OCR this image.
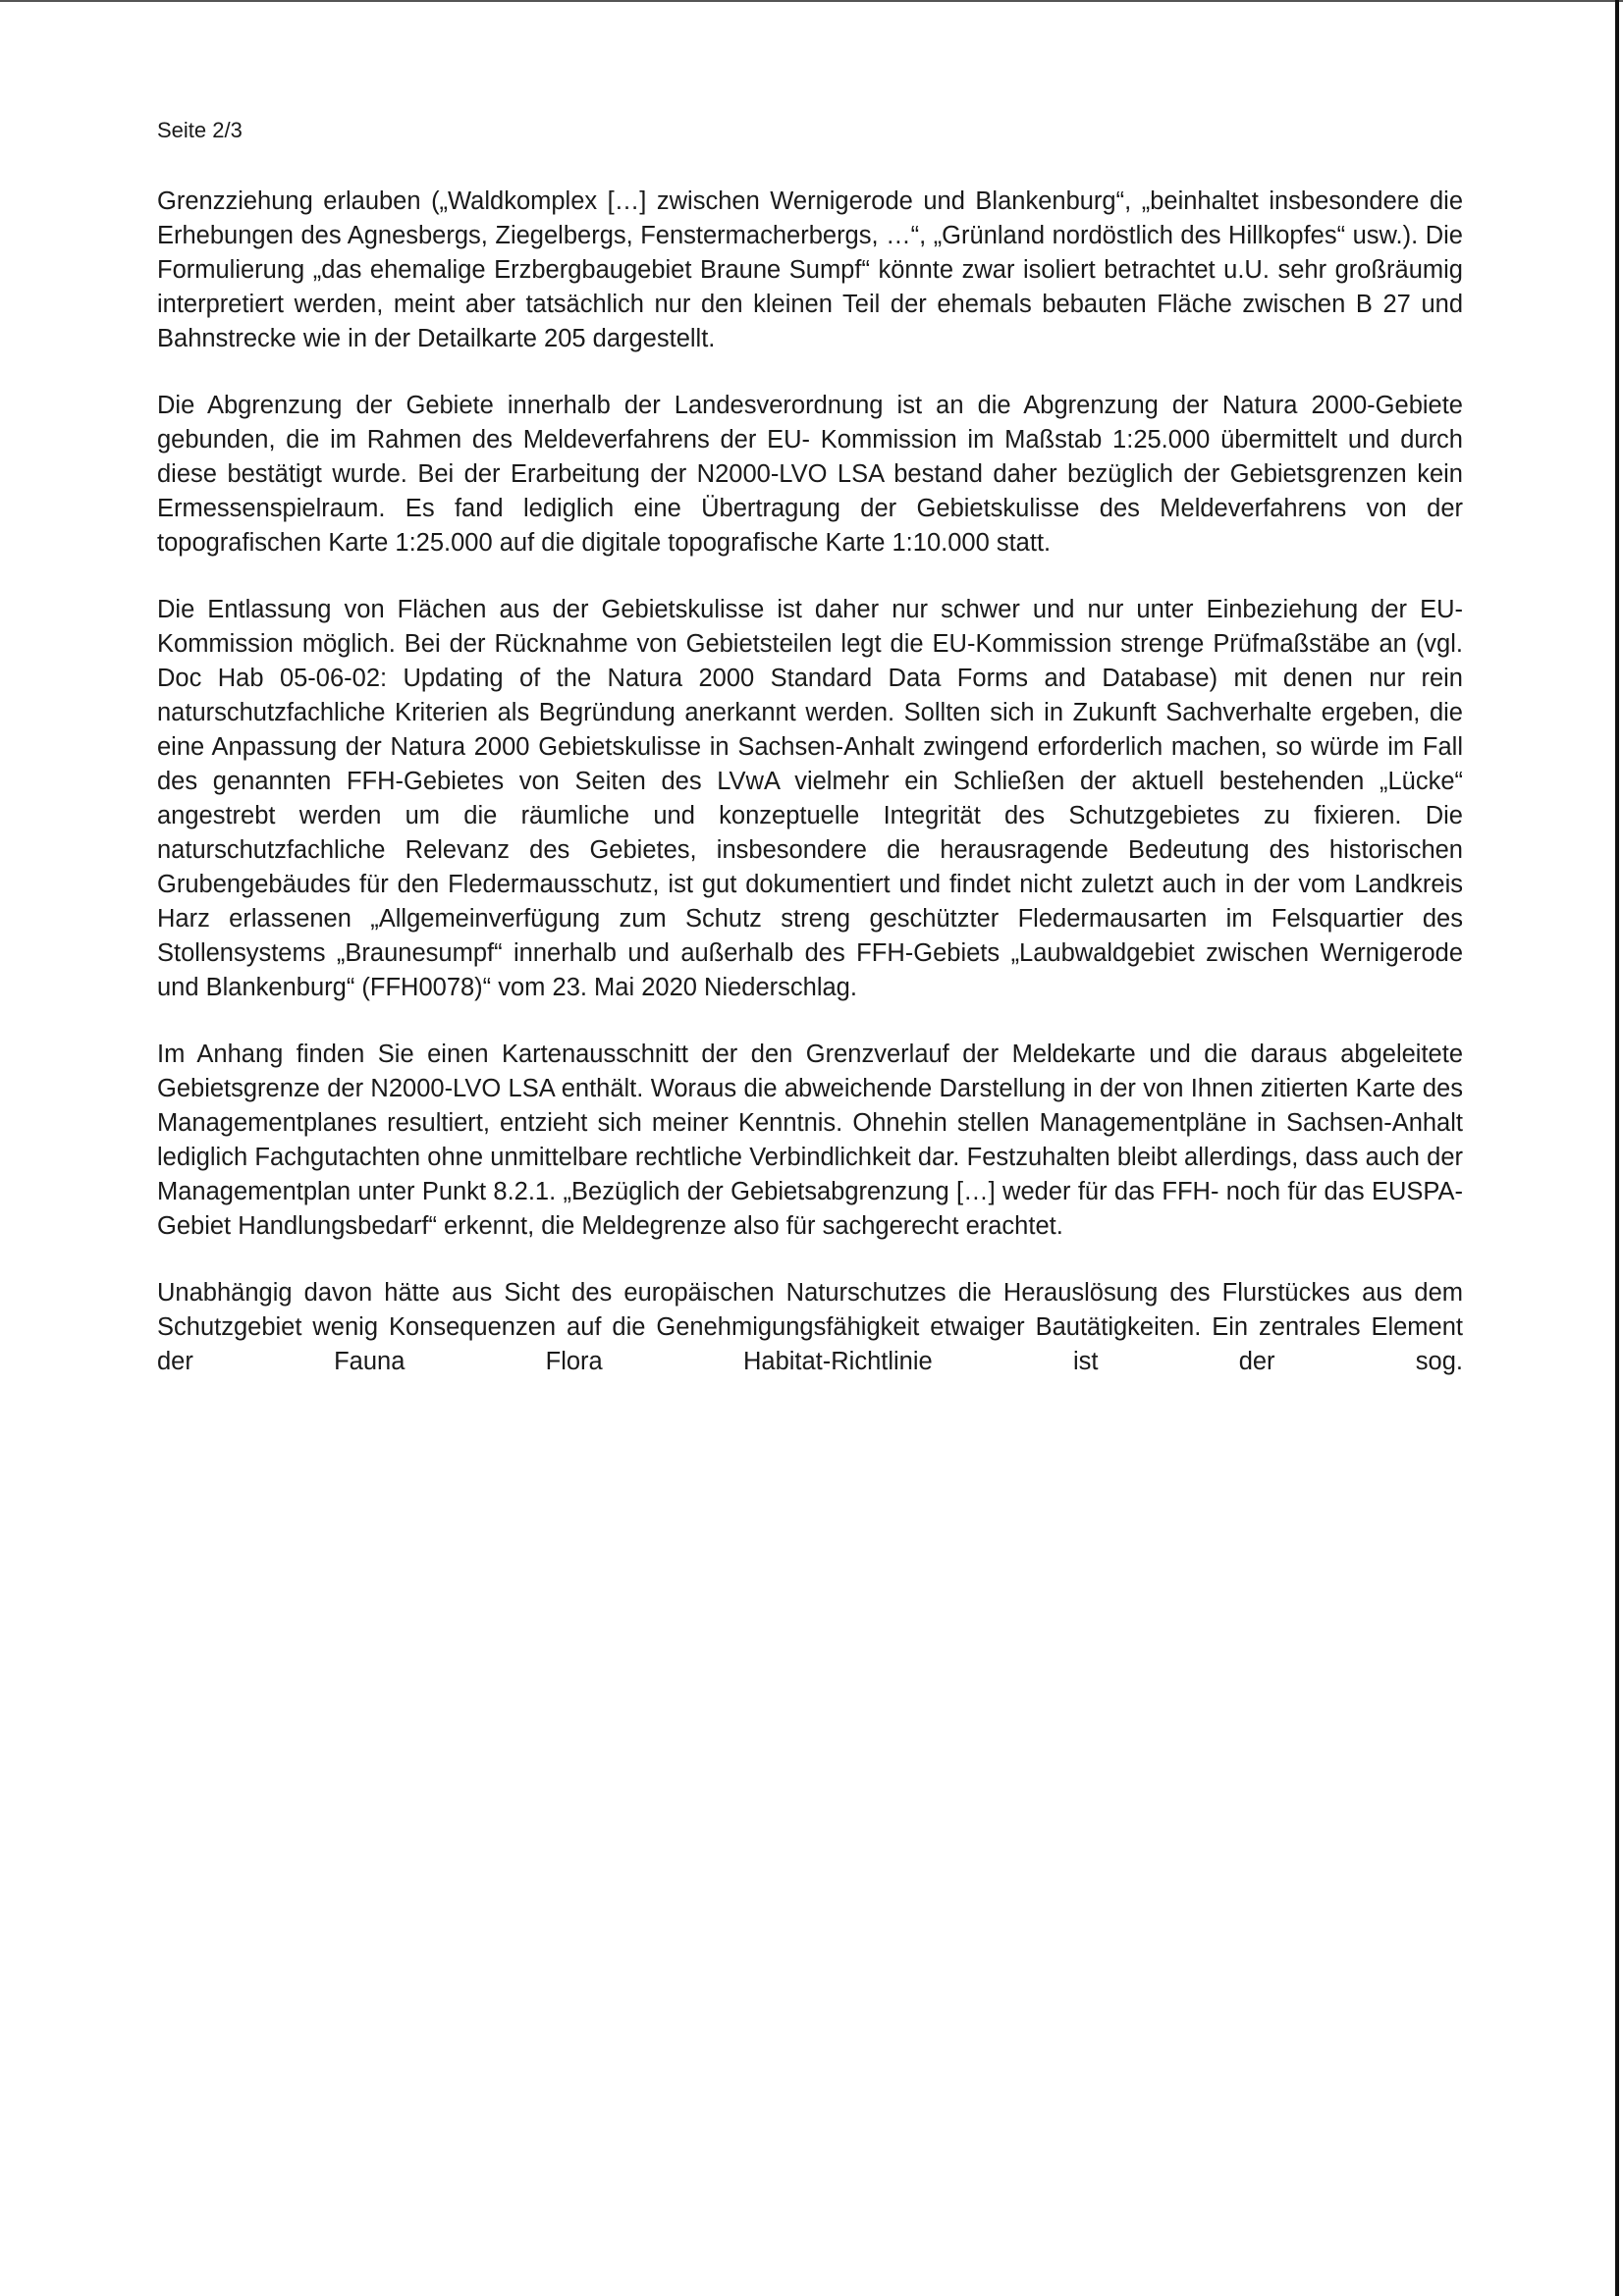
Seite 2/3

Grenzziehung erlauben („Waldkomplex […] zwischen Wernigerode und Blankenburg“, „beinhaltet insbesondere die Erhebungen des Agnesbergs, Ziegelbergs, Fenstermacherbergs, …“, „Grünland nordöstlich des Hillkopfes“ usw.). Die Formulierung „das ehemalige Erzbergbaugebiet Braune Sumpf“ könnte zwar isoliert betrachtet u.U. sehr großräumig interpretiert werden, meint aber tatsächlich nur den kleinen Teil der ehemals bebauten Fläche zwischen B 27 und Bahnstrecke wie in der Detailkarte 205 dargestellt.

Die Abgrenzung der Gebiete innerhalb der Landesverordnung ist an die Abgrenzung der Natura 2000-Gebiete gebunden, die im Rahmen des Meldeverfahrens der EU- Kommission im Maßstab 1:25.000 übermittelt und durch diese bestätigt wurde. Bei der Erarbeitung der N2000-LVO LSA bestand daher bezüglich der Gebietsgrenzen kein Ermessenspielraum. Es fand lediglich eine Übertragung der Gebietskulisse des Meldeverfahrens von der topografischen Karte 1:25.000 auf die digitale topografische Karte 1:10.000 statt.

Die Entlassung von Flächen aus der Gebietskulisse ist daher nur schwer und nur unter Einbeziehung der EU-Kommission möglich. Bei der Rücknahme von Gebietsteilen legt die EU-Kommission strenge Prüfmaßstäbe an (vgl. Doc Hab 05-06-02: Updating of the Natura 2000 Standard Data Forms and Database) mit denen nur rein naturschutzfachliche Kriterien als Begründung anerkannt werden. Sollten sich in Zukunft Sachverhalte ergeben, die eine Anpassung der Natura 2000 Gebietskulisse in Sachsen-Anhalt zwingend erforderlich machen, so würde im Fall des genannten FFH-Gebietes von Seiten des LVwA vielmehr ein Schließen der aktuell bestehenden „Lücke“ angestrebt werden um die räumliche und konzeptuelle Integrität des Schutzgebietes zu fixieren. Die naturschutzfachliche Relevanz des Gebietes, insbesondere die herausragende Bedeutung des historischen Grubengebäudes für den Fledermausschutz, ist gut dokumentiert und findet nicht zuletzt auch in der vom Landkreis Harz erlassenen „Allgemeinverfügung zum Schutz streng geschützter Fledermausarten im Felsquartier des Stollensystems „Braunesumpf“ innerhalb und außerhalb des FFH-Gebiets „Laubwaldgebiet zwischen Wernigerode und Blankenburg“ (FFH0078)“ vom 23. Mai 2020 Niederschlag.

Im Anhang finden Sie einen Kartenausschnitt der den Grenzverlauf der Meldekarte und die daraus abgeleitete Gebietsgrenze der N2000-LVO LSA enthält. Woraus die abweichende Darstellung in der von Ihnen zitierten Karte des Managementplanes resultiert, entzieht sich meiner Kenntnis. Ohnehin stellen Managementpläne in Sachsen-Anhalt lediglich Fachgutachten ohne unmittelbare rechtliche Verbindlichkeit dar. Festzuhalten bleibt allerdings, dass auch der Managementplan unter Punkt 8.2.1. „Bezüglich der Gebietsabgrenzung […] weder für das FFH- noch für das EUSPA-Gebiet Handlungsbedarf“ erkennt, die Meldegrenze also für sachgerecht erachtet.

Unabhängig davon hätte aus Sicht des europäischen Naturschutzes die Herauslösung des Flurstückes aus dem Schutzgebiet wenig Konsequenzen auf die Genehmigungsfähigkeit etwaiger Bautätigkeiten. Ein zentrales Element der Fauna Flora Habitat-Richtlinie ist der sog.
